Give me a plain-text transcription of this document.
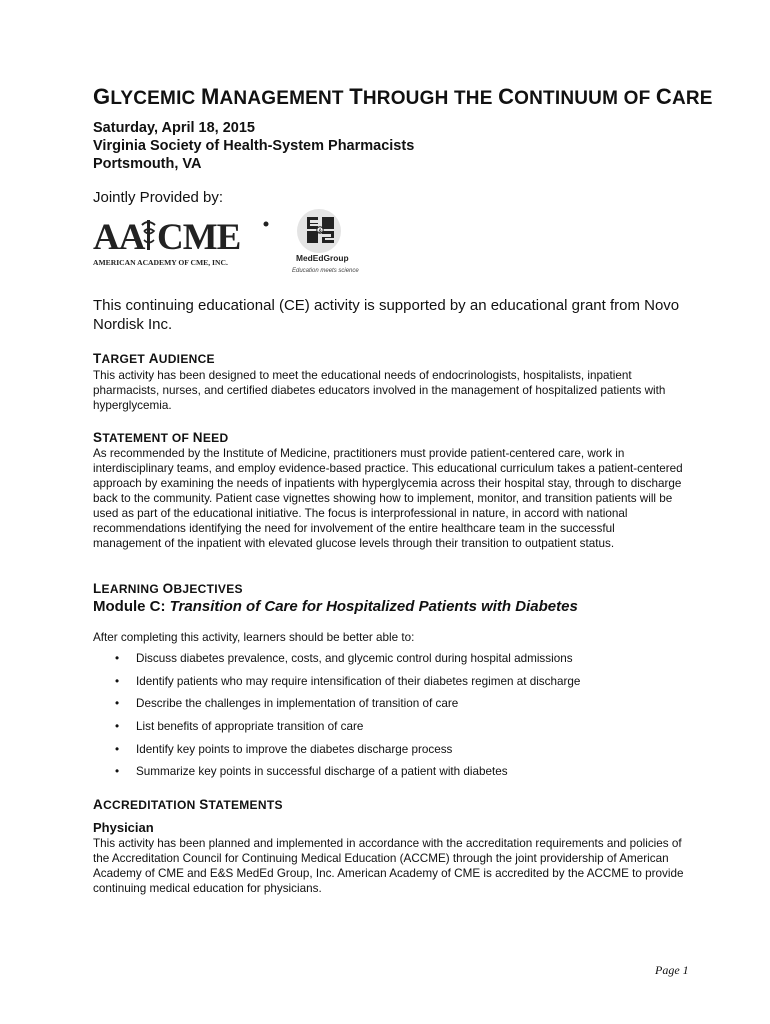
GLYCEMIC MANAGEMENT THROUGH THE CONTINUUM OF CARE
Saturday, April 18, 2015
Virginia Society of Health-System Pharmacists
Portsmouth, VA
Jointly Provided by:
AA CME
AMERICAN ACADEMY OF CME, INC.
&
MedEdGroup
Education meets science
This continuing educational (CE) activity is supported by an educational grant from Novo Nordisk Inc.
TARGET AUDIENCE
This activity has been designed to meet the educational needs of endocrinologists, hospitalists, inpatient pharmacists, nurses, and certified diabetes educators involved in the management of hospitalized patients with hyperglycemia.
STATEMENT OF NEED
As recommended by the Institute of Medicine, practitioners must provide patient-centered care, work in interdisciplinary teams, and employ evidence-based practice. This educational curriculum takes a patient-centered approach by examining the needs of inpatients with hyperglycemia across their hospital stay, through to discharge back to the community. Patient case vignettes showing how to implement, monitor, and transition patients will be used as part of the educational initiative. The focus is interprofessional in nature, in accord with national recommendations identifying the need for involvement of the entire healthcare team in the successful management of the inpatient with elevated glucose levels through their transition to outpatient status.
LEARNING OBJECTIVES
Module C: Transition of Care for Hospitalized Patients with Diabetes
After completing this activity, learners should be better able to:
• Discuss diabetes prevalence, costs, and glycemic control during hospital admissions
• Identify patients who may require intensification of their diabetes regimen at discharge
• Describe the challenges in implementation of transition of care
• List benefits of appropriate transition of care
• Identify key points to improve the diabetes discharge process
• Summarize key points in successful discharge of a patient with diabetes
ACCREDITATION STATEMENTS
Physician
This activity has been planned and implemented in accordance with the accreditation requirements and policies of the Accreditation Council for Continuing Medical Education (ACCME) through the joint providership of American Academy of CME and E&S MedEd Group, Inc. American Academy of CME is accredited by the ACCME to provide continuing medical education for physicians.
Page 1
